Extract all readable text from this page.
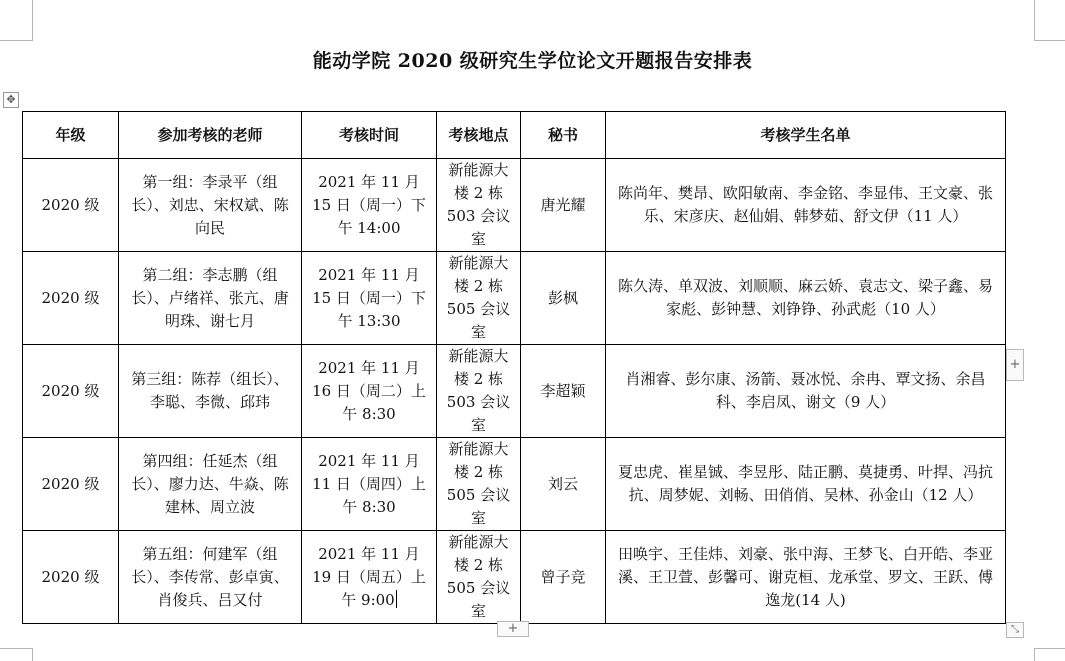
能动学院 2020 级研究生学位论文开题报告安排表
✥
年级	参加考核的老师	考核时间	考核地点	秘书	考核学生名单
2020 级	第一组：李录平（组长）、刘忠、宋权斌、陈向民	2021 年 11 月 15 日（周一）下午 14:00	新能源大楼 2 栋 503 会议室	唐光耀	陈尚年、樊昂、欧阳敏南、李金铭、李显伟、王文豪、张乐、宋彦庆、赵仙娟、韩梦茹、舒文伊（11 人）
2020 级	第二组：李志鹏（组长）、卢绪祥、张亢、唐明珠、谢七月	2021 年 11 月 15 日（周一）下午 13:30	新能源大楼 2 栋 505 会议室	彭枫	陈久涛、单双波、刘顺顺、麻云娇、袁志文、梁子鑫、易家彪、彭钟慧、刘铮铮、孙武彪（10 人）
2020 级	第三组：陈荐（组长）、李聪、李微、邱玮	2021 年 11 月 16 日（周二）上午 8:30	新能源大楼 2 栋 503 会议室	李超颖	肖湘睿、彭尔康、汤箭、聂冰悦、余冉、覃文扬、余昌科、李启凤、谢文（9 人）
2020 级	第四组：任延杰（组长）、廖力达、牛焱、陈建林、周立波	2021 年 11 月 11 日（周四）上午 8:30	新能源大楼 2 栋 505 会议室	刘云	夏忠虎、崔星铖、李昱彤、陆正鹏、莫捷勇、叶捍、冯抗抗、周梦妮、刘畅、田俏俏、吴林、孙金山（12 人）
2020 级	第五组：何建军（组长）、李传常、彭卓寅、肖俊兵、吕又付	2021 年 11 月 19 日（周五）上午 9:00	新能源大楼 2 栋 505 会议室	曾子竞	田唤宇、王佳炜、刘豪、张中海、王梦飞、白开皓、李亚溪、王卫萱、彭馨可、谢克桓、龙承堂、罗文、王跃、傅逸龙(14 人)
+
+	⤡
